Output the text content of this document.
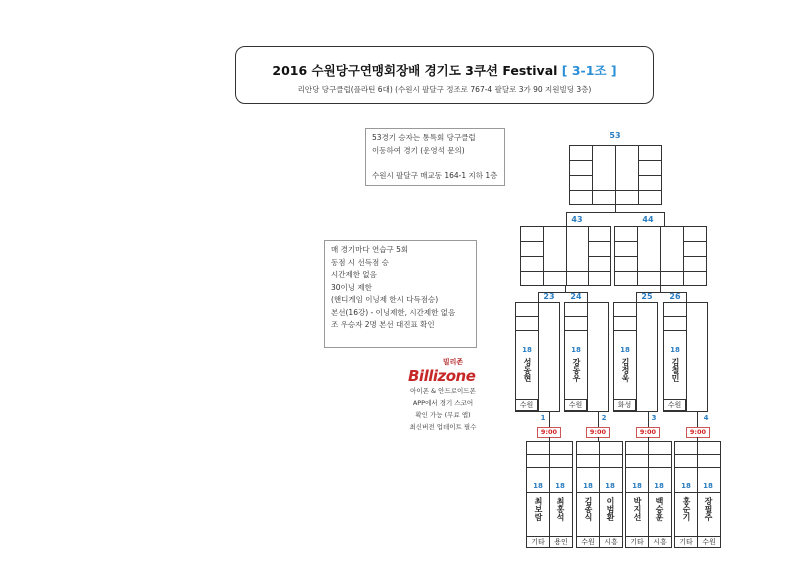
2016 수원당구연맹회장배 경기도 3쿠션 Festival [ 3-1조 ]
리안당 당구클럽(플라틴 6대) (수원시 팔달구 정조로 767-4 팔달로 3가 90 지원빌딩 3층)

53경기 승자는 통특회 당구클럽

이동하여 경기 (운영석 문의)

수원시 팔달구 매교동 164-1 지하 1층

매 경기마다 연습구 5회

동점 시 선득점 승

시간제한 없음

30이닝 제한

(핸디게임 이닝제 한시 다득점승)

본선(16강) - 이닝제한, 시간제한 없음

조 우승자 2명 본선 대진표 확인

빌리존
Billizone

아이폰 & 안드로이드폰

APP에서 경기 스코어

확인 가능 (무료 앱)

최신버전 업데이트 필수

53
43	44
23	24	25	26
18
성동현
수원
18
강동우
수원
18
김정욱
화성
18
김철민
수원
1	2	3	4
9:00	9:00	9:00	9:00
18
최보람
기타
18
최홍석
용인
18
김종식
수원
18
이범환
시흥
18
박지선
기타
18
백승훈
시흥
18
홍순기
기타
18
장필주
수원
